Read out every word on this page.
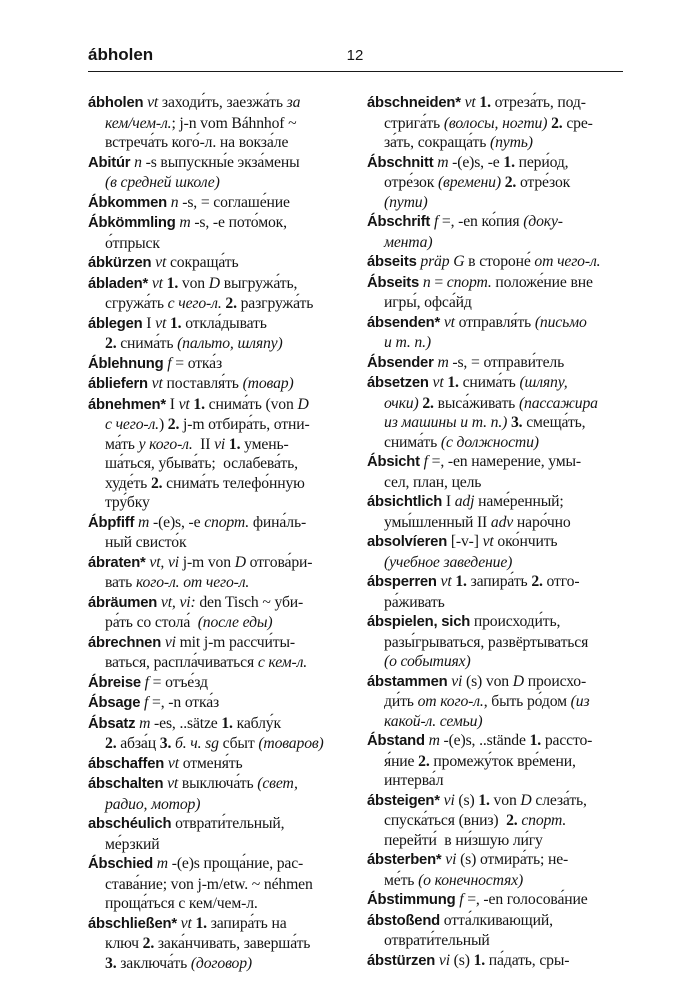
ábholen	12
ábholen vt заходи́ть, заезжа́ть за
кем/чем-л.; j-n vom Báhnhof ~
встреча́ть кого́-л. на вокза́ле
Abitúr n -s выпускны́е экза́мены
(в средней школе)
Ábkommen n -s, = соглаше́ние
Ábkömmling m -s, -e пото́мок,
о́тпрыск
ábkürzen vt сокраща́ть
ábladen* vt 1. von D выгружа́ть,
сгружа́ть с чего-л. 2. разгружа́ть
áblegen I vt 1. откла́дывать
2. снима́ть (пальто, шляпу)
Áblehnung f = отка́з
ábliefern vt поставля́ть (товар)
ábnehmen* I vt 1. снима́ть (von D
с чего-л.) 2. j-m отбира́ть, отни-
ма́ть у кого-л.  II vi 1. умень-
ша́ться, убыва́ть;  ослабева́ть,
худе́ть 2. снима́ть телефо́нную
тру́бку
Ábpfiff m -(e)s, -e спорт. фина́ль-
ный свисто́к
ábraten* vt, vi j-m von D отгова́ри-
вать кого-л. от чего-л.
ábräumen vt, vi: den Tisch ~ уби-
ра́ть со стола́  (после еды)
ábrechnen vi mit j-m рассчи́ты-
ваться, распла́чиваться с кем-л.
Ábreise f = отъе́зд
Ábsage f =, -n отка́з
Ábsatz m -es, ..sätze 1. каблу́к
2. абза́ц 3. б. ч. sg сбыт (товаров)
ábschaffen vt отменя́ть
ábschalten vt выключа́ть (свет,
радио, мотор)
abschéulich отврати́тельный,
ме́рзкий
Ábschied m -(e)s проща́ние, рас-
става́ние; von j-m/etw. ~ néhmen
проща́ться с кем/чем-л.
ábschließen* vt 1. запира́ть на
ключ 2. зака́нчивать, заверша́ть
3. заключа́ть (договор)
ábschneiden* vt 1. отреза́ть, под-
стрига́ть (волосы, ногти) 2. сре-
за́ть, сокраща́ть (путь)
Ábschnitt m -(e)s, -e 1. пери́од,
отре́зок (времени) 2. отре́зок
(пути)
Ábschrift f =, -en ко́пия (доку-
мента)
ábseits präp G в стороне́ от чего-л.
Ábseits n = спорт. положе́ние вне
игры́, офса́йд
ábsenden* vt отправля́ть (письмо
и т. п.)
Ábsender m -s, = отправи́тель
ábsetzen vt 1. снима́ть (шляпу,
очки) 2. выса́живать (пассажира
из машины и т. п.) 3. смеща́ть,
снима́ть (с должности)
Ábsicht f =, -en намерение, умы-
сел, план, цель
ábsichtlich I adj наме́ренный;
умы́шленный II adv наро́чно
absolvíeren [-v-] vt око́нчить
(учебное заведение)
ábsperren vt 1. запира́ть 2. отго-
ра́живать
ábspielen, sich происходи́ть,
разы́грываться, развёртываться
(о событиях)
ábstammen vi (s) von D происхо-
ди́ть от кого-л., быть ро́дом (из
какой-л. семьи)
Ábstand m -(e)s, ..stände 1. рассто-
я́ние 2. промежу́ток вре́мени,
интерва́л
ábsteigen* vi (s) 1. von D слеза́ть,
спуска́ться (вниз)  2. спорт.
перейти́  в ни́зшую ли́гу
ábsterben* vi (s) отмира́ть; не-
ме́ть (о конечностях)
Ábstimmung f =, -en голосова́ние
ábstoßend отта́лкивающий,
отврати́тельный
ábstürzen vi (s) 1. па́дать, сры-
